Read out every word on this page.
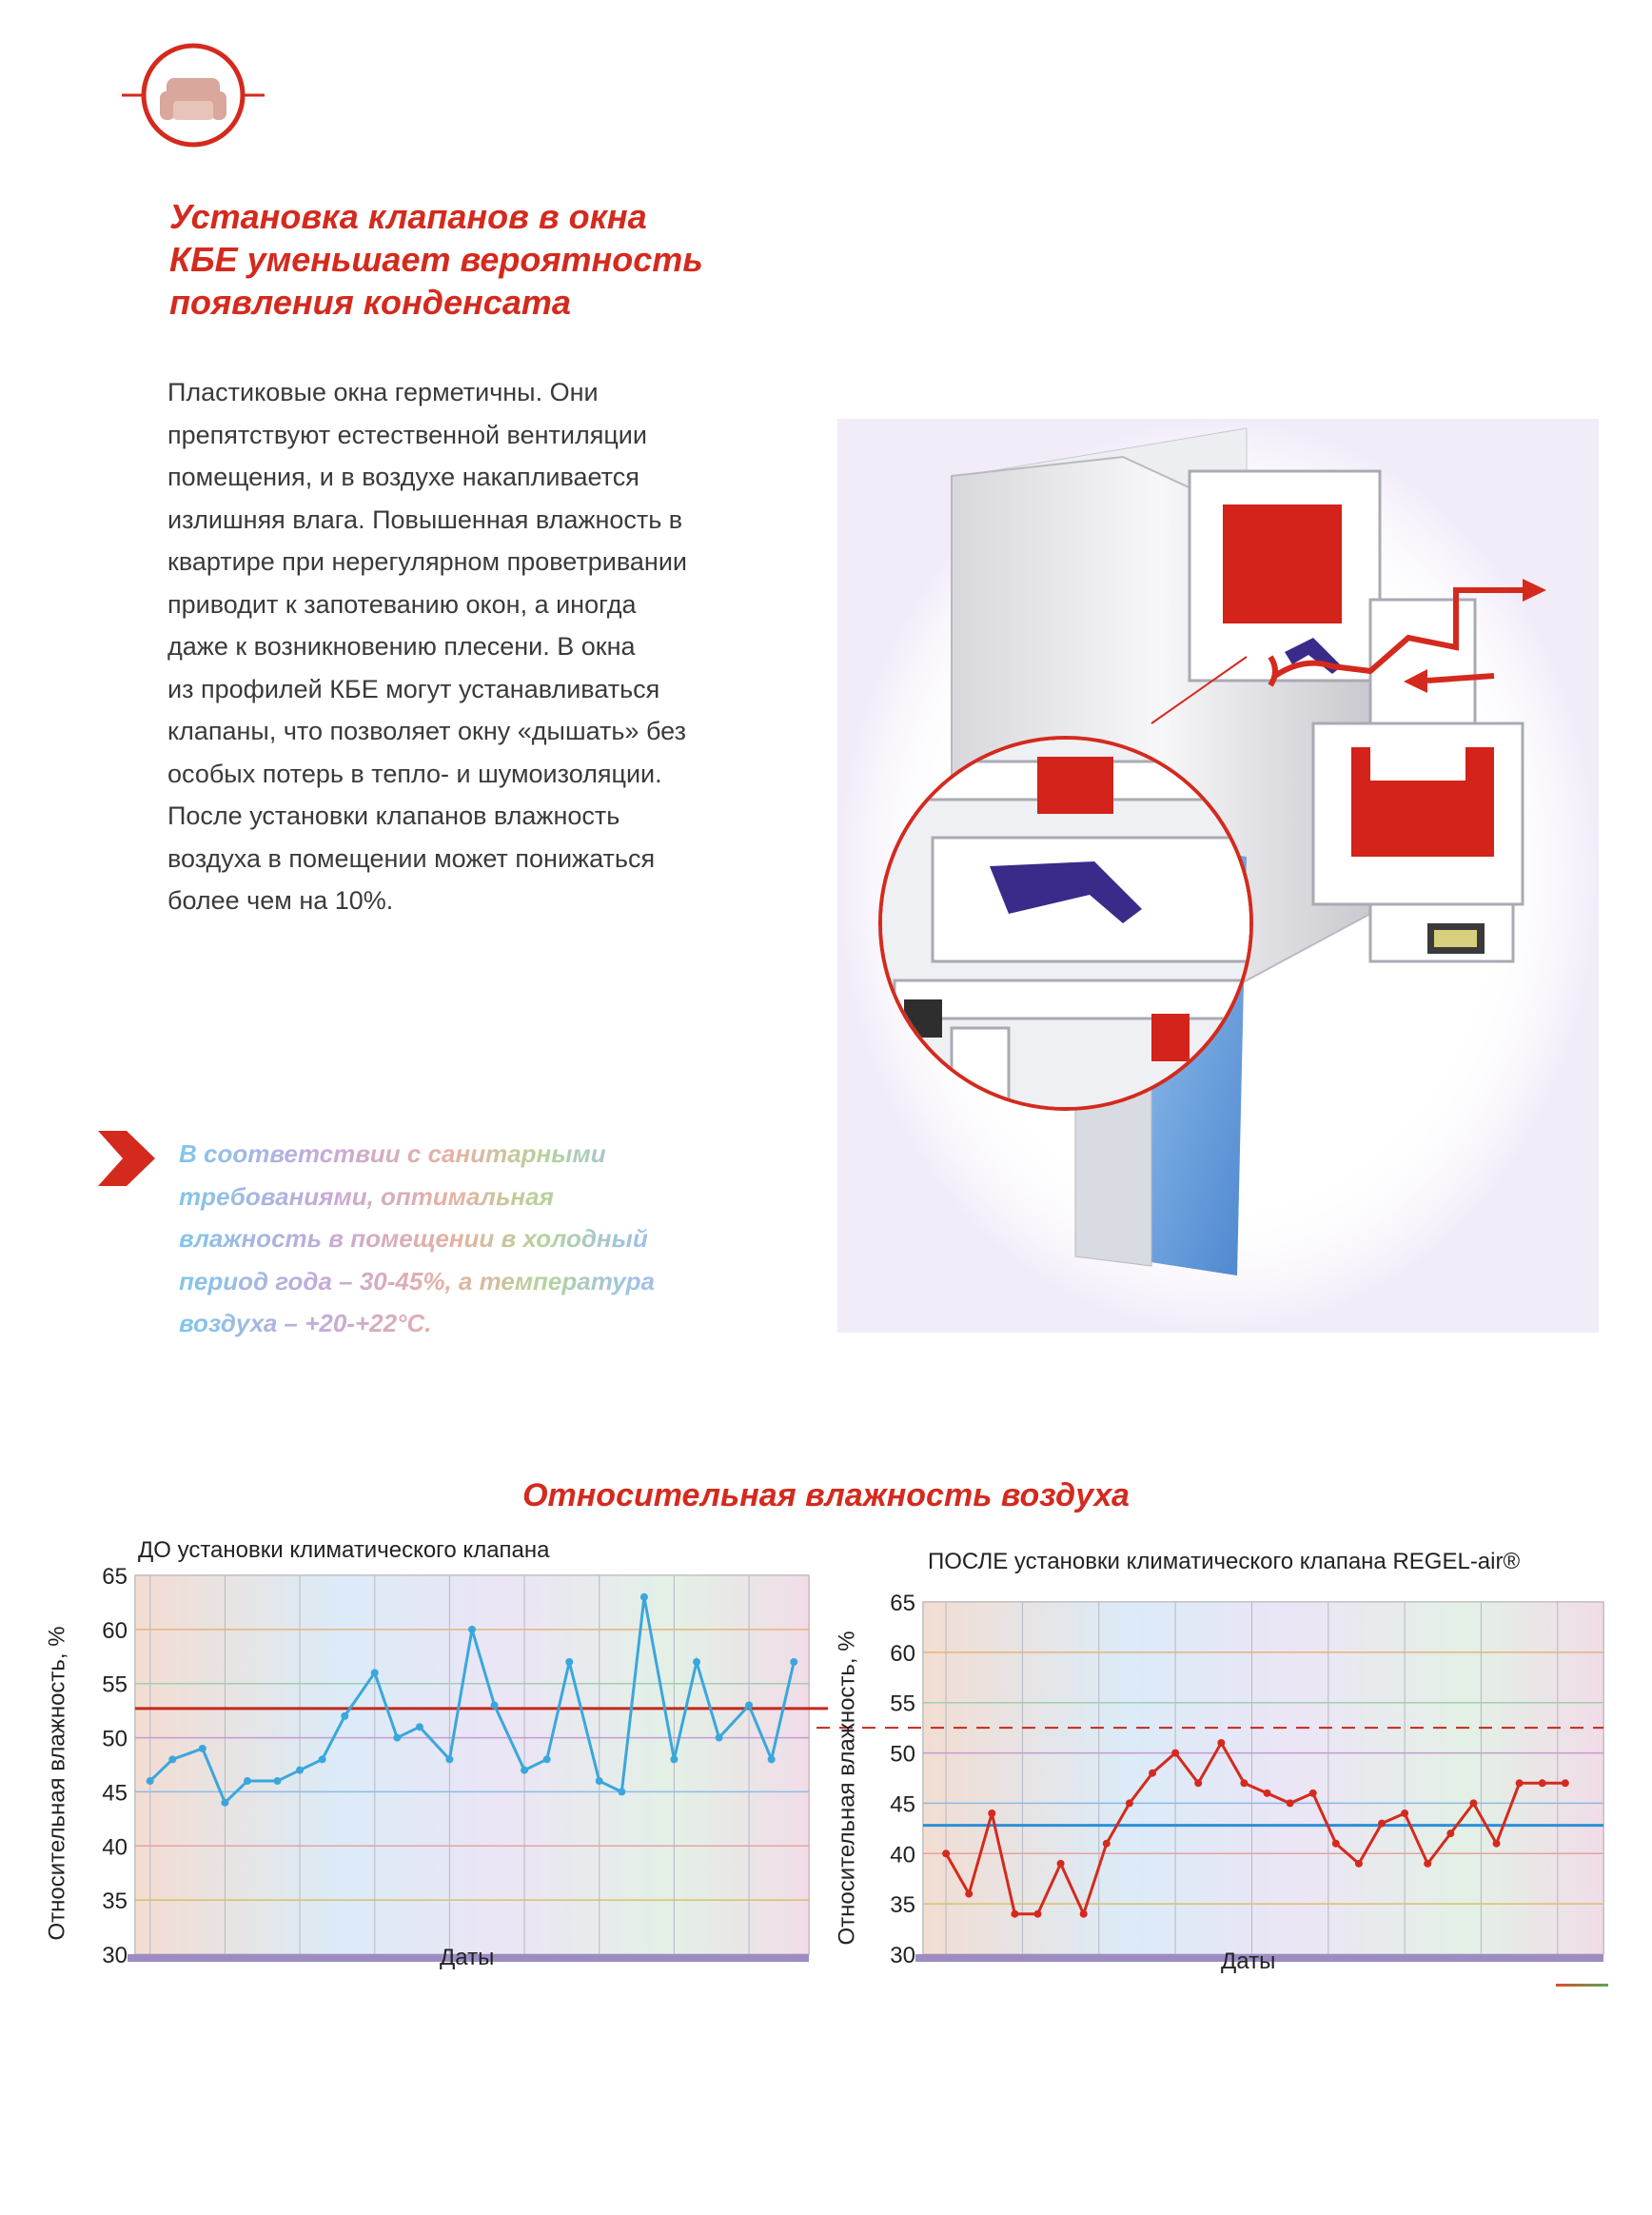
Установка клапанов в окна
КБЕ уменьшает вероятность
появления конденсата
Пластиковые окна герметичны. Они
препятствуют естественной вентиляции
помещения, и в воздухе накапливается
излишняя влага. Повышенная влажность в
квартире при нерегулярном проветривании
приводит к запотеванию окон, а иногда
даже к возникновению плесени. В окна
из профилей КБЕ могут устанавливаться
клапаны, что позволяет окну «дышать» без
особых потерь в тепло- и шумоизоляции.
После установки клапанов влажность
воздуха в помещении может понижаться
более чем на 10%.
В соответствии с санитарными
требованиями, оптимальная
влажность в помещении в холодный
период года – 30-45%, а температура
воздуха – +20-+22°С.
Относительная влажность воздуха
ДО установки климатического клапана
30
35
40
45
50
55
60
65
Даты
Относительная влажность, %
ПОСЛЕ установки климатического клапана REGEL-air®
30
35
40
45
50
55
60
65
Даты
Относительная влажность, %
